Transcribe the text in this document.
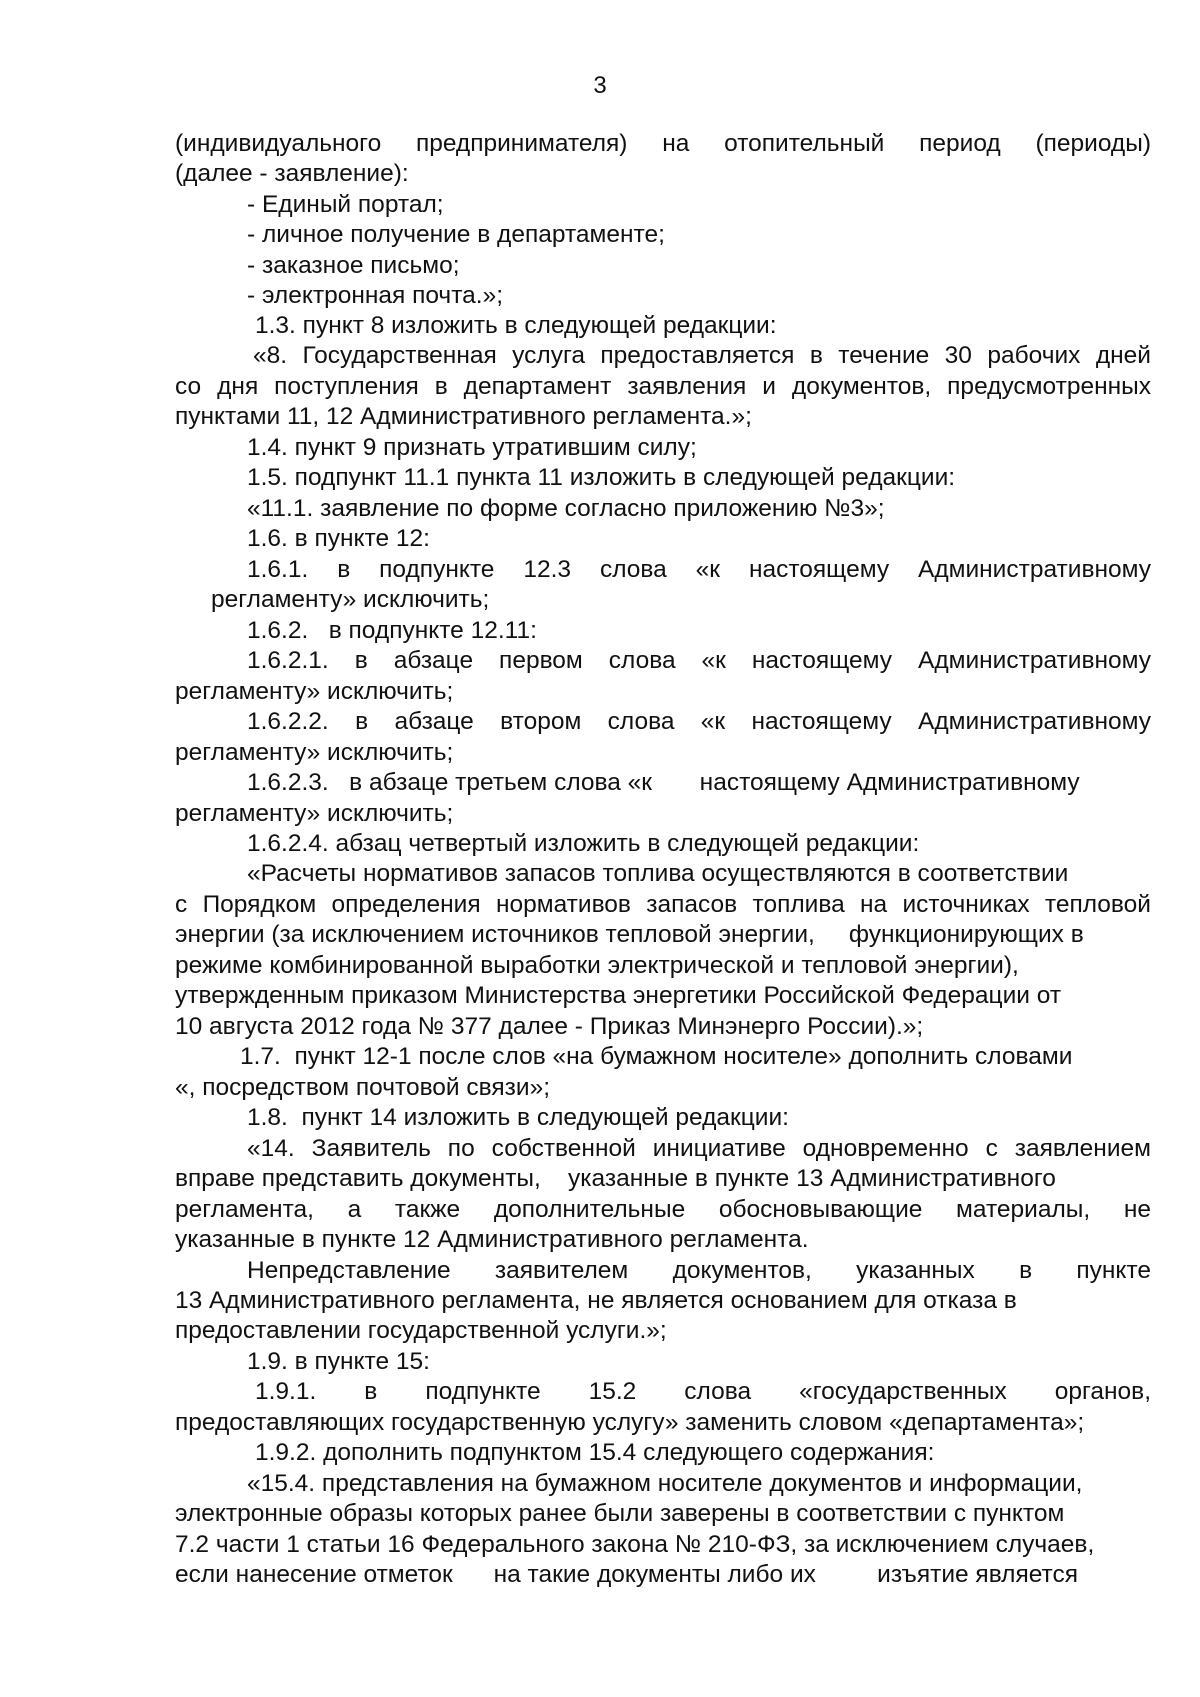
3
(индивидуального предпринимателя) на отопительный период (периоды)
(далее - заявление):
- Единый портал;
- личное получение в департаменте;
- заказное письмо;
- электронная почта.»;
1.3. пункт 8 изложить в следующей редакции:
«8. Государственная услуга предоставляется в течение 30 рабочих дней
со дня поступления в департамент заявления и документов, предусмотренных
пунктами 11, 12 Административного регламента.»;
1.4. пункт 9 признать утратившим силу;
1.5. подпункт 11.1 пункта 11 изложить в следующей редакции:
«11.1. заявление по форме согласно приложению №3»;
1.6. в пункте 12:
1.6.1. в подпункте 12.3 слова «к настоящему Административному
регламенту» исключить;
1.6.2.   в подпункте 12.11:
1.6.2.1. в абзаце первом слова «к настоящему Административному
регламенту» исключить;
1.6.2.2. в абзаце втором слова «к настоящему Административному
регламенту» исключить;
1.6.2.3.   в абзаце третьем слова «к       настоящему Административному
регламенту» исключить;
1.6.2.4. абзац четвертый изложить в следующей редакции:
«Расчеты нормативов запасов топлива осуществляются в соответствии
с Порядком определения нормативов запасов топлива на источниках тепловой
энергии (за исключением источников тепловой энергии,     функционирующих в
режиме комбинированной выработки электрической и тепловой энергии),
утвержденным приказом Министерства энергетики Российской Федерации от
10 августа 2012 года № 377 далее - Приказ Минэнерго России).»;
1.7.  пункт 12-1 после слов «на бумажном носителе» дополнить словами
«, посредством почтовой связи»;
1.8.  пункт 14 изложить в следующей редакции:
«14. Заявитель по собственной инициативе одновременно с заявлением
вправе представить документы,    указанные в пункте 13 Административного
регламента, а также дополнительные обосновывающие материалы, не
указанные в пункте 12 Административного регламента.
Непредставление заявителем документов, указанных в пункте
13 Административного регламента, не является основанием для отказа в
предоставлении государственной услуги.»;
1.9. в пункте 15:
1.9.1. в подпункте 15.2 слова «государственных органов,
предоставляющих государственную услугу» заменить словом «департамента»;
1.9.2. дополнить подпунктом 15.4 следующего содержания:
«15.4. представления на бумажном носителе документов и информации,
электронные образы которых ранее были заверены в соответствии с пунктом
7.2 части 1 статьи 16 Федерального закона № 210-ФЗ, за исключением случаев,
если нанесение отметок      на такие документы либо их         изъятие является
